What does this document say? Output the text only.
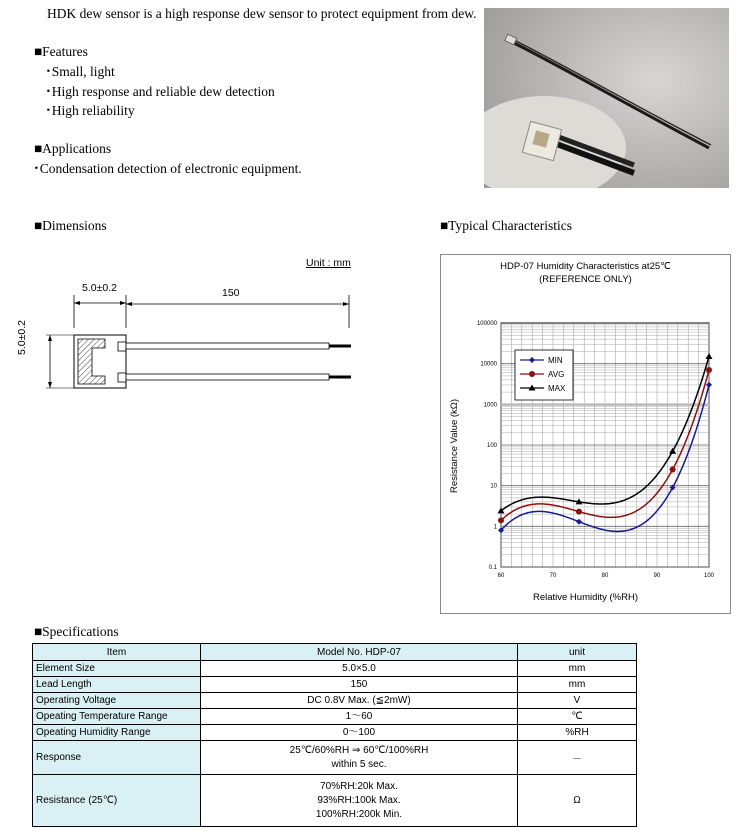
HDK dew sensor is a high response dew sensor to protect equipment from dew.
■Features
･Small, light
･High response and reliable dew detection
･High reliability
■Applications
･Condensation detection of electronic equipment.
■Dimensions
Unit : mm
5.0±0.2	150
5.0±0.2
■Typical Characteristics
HDP-07 Humidity Characteristics at25℃
(REFERENCE ONLY)
Relative Humidity (%RH)
Resistance Value (kΩ)
60	70	80	90	100
0.1
1
10
100
1000
10000
100000
MIN
AVG
MAX
■Specifications
Item	Model No. HDP-07	unit
Element Size	5.0×5.0	mm
Lead Length	150	mm
Operating Voltage	DC 0.8V Max. (≦2mW)	V
Opeating Temperature Range	1～60	℃
Opeating Humidity Range	0～100	%RH
Response	25℃/60%RH ⇒ 60℃/100%RH
within 5 sec.	－
Resistance (25℃)	70%RH:20k Max.
93%RH:100k Max.
100%RH:200k Min.	Ω
